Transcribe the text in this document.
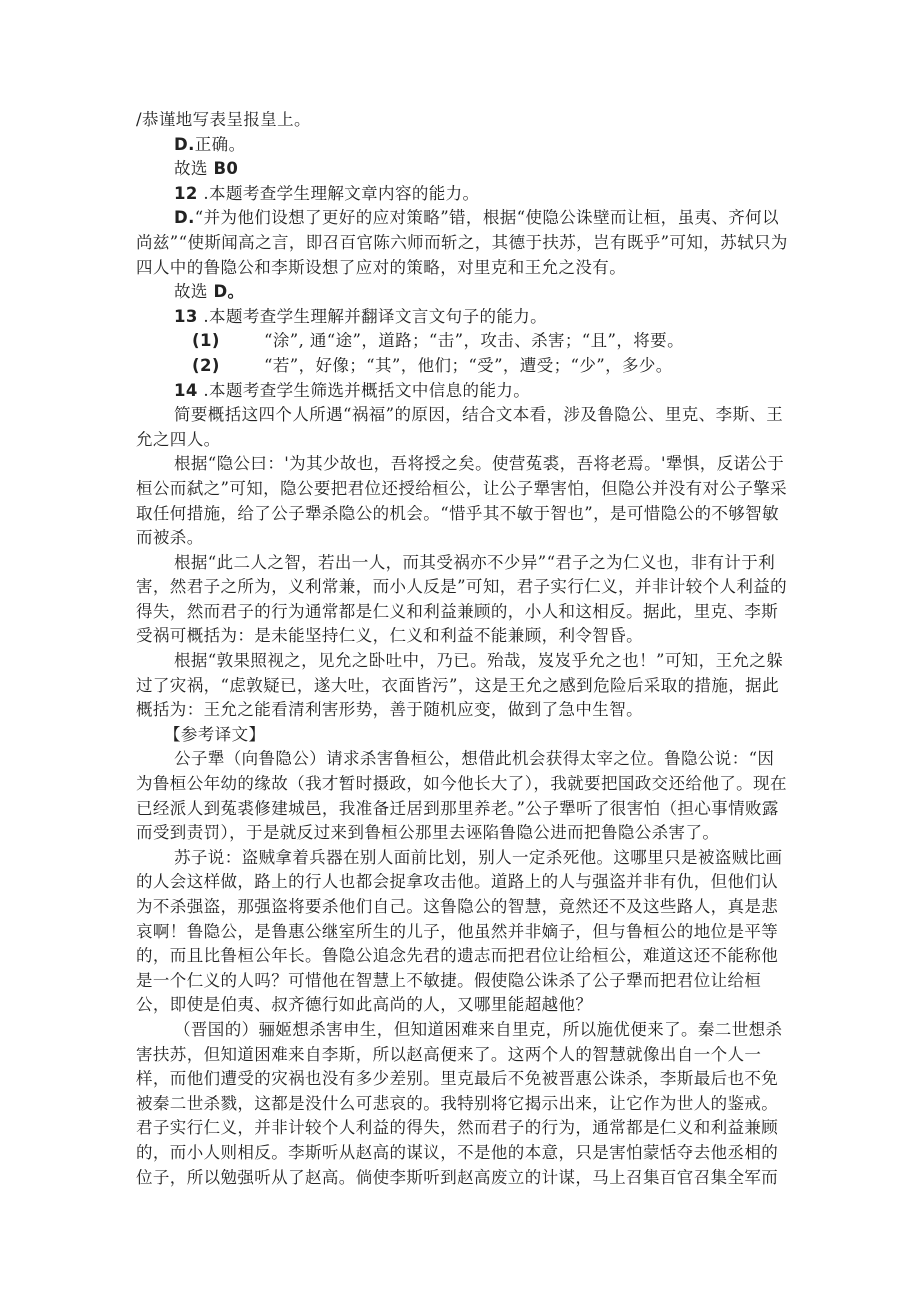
/恭谨地写表呈报皇上。

D.正确。

故选 B0

12 .本题考查学生理解文章内容的能力。

D.“并为他们设想了更好的应对策略”错，根据“使隐公诛壁而让桓，虽夷、齐何以尚兹”“使斯闻高之言，即召百官陈六师而斩之，其德于扶苏，岂有既乎”可知，苏轼只为四人中的鲁隐公和李斯设想了应对的策略，对里克和王允之没有。

故选 D。

13 .本题考查学生理解并翻译文言文句子的能力。

(1)	“涂”, 通“途”，道路；“击”，攻击、杀害；“且”，将要。

(2)	“若”，好像；“其”，他们；“受”，遭受；“少”，多少。

14 .本题考查学生筛选并概括文中信息的能力。

简要概括这四个人所遇“祸福”的原因，结合文本看，涉及鲁隐公、里克、李斯、王允之四人。

根据“隐公曰：'为其少故也，吾将授之矣。使营菟裘，吾将老焉。'犟惧，反诺公于桓公而弑之”可知，隐公要把君位还授给桓公，让公子犟害怕，但隐公并没有对公子擎采取任何措施，给了公子犟杀隐公的机会。“惜乎其不敏于智也”，是可惜隐公的不够智敏而被杀。

根据“此二人之智，若出一人，而其受祸亦不少异”“君子之为仁义也，非有计于利害，然君子之所为，义利常兼，而小人反是”可知，君子实行仁义，并非计较个人利益的得失，然而君子的行为通常都是仁义和利益兼顾的，小人和这相反。据此，里克、李斯受祸可概括为：是未能坚持仁义，仁义和利益不能兼顾，利令智昏。

根据“敦果照视之，见允之卧吐中，乃已。殆哉，岌岌乎允之也！”可知，王允之躲过了灾祸，“虑敦疑已，遂大吐，衣面皆污”，这是王允之感到危险后采取的措施，据此概括为：王允之能看清利害形势，善于随机应变，做到了急中生智。

【参考译文】

公子犟（向鲁隐公）请求杀害鲁桓公，想借此机会获得太宰之位。鲁隐公说：“因为鲁桓公年幼的缘故（我才暂时摄政，如今他长大了），我就要把国政交还给他了。现在已经派人到菟裘修建城邑，我准备迁居到那里养老。”公子犟听了很害怕（担心事情败露而受到责罚），于是就反过来到鲁桓公那里去诬陷鲁隐公进而把鲁隐公杀害了。

苏子说：盗贼拿着兵器在别人面前比划，别人一定杀死他。这哪里只是被盗贼比画的人会这样做，路上的行人也都会捉拿攻击他。道路上的人与强盗并非有仇，但他们认为不杀强盗，那强盗将要杀他们自己。这鲁隐公的智慧，竟然还不及这些路人，真是悲哀啊！鲁隐公，是鲁惠公继室所生的儿子，他虽然并非嫡子，但与鲁桓公的地位是平等的，而且比鲁桓公年长。鲁隐公追念先君的遗志而把君位让给桓公，难道这还不能称他是一个仁义的人吗？可惜他在智慧上不敏捷。假使隐公诛杀了公子犟而把君位让给桓公，即使是伯夷、叔齐德行如此高尚的人，又哪里能超越他？

（晋国的）骊姬想杀害申生，但知道困难来自里克，所以施优便来了。秦二世想杀害扶苏，但知道困难来自李斯，所以赵高便来了。这两个人的智慧就像出自一个人一样，而他们遭受的灾祸也没有多少差别。里克最后不免被晋惠公诛杀，李斯最后也不免被秦二世杀戮，这都是没什么可悲哀的。我特别将它揭示出来，让它作为世人的鉴戒。君子实行仁义，并非计较个人利益的得失，然而君子的行为，通常都是仁义和利益兼顾的，而小人则相反。李斯听从赵高的谋议，不是他的本意，只是害怕蒙恬夺去他丞相的位子，所以勉强听从了赵高。倘使李斯听到赵高废立的计谋，马上召集百官召集全军而
